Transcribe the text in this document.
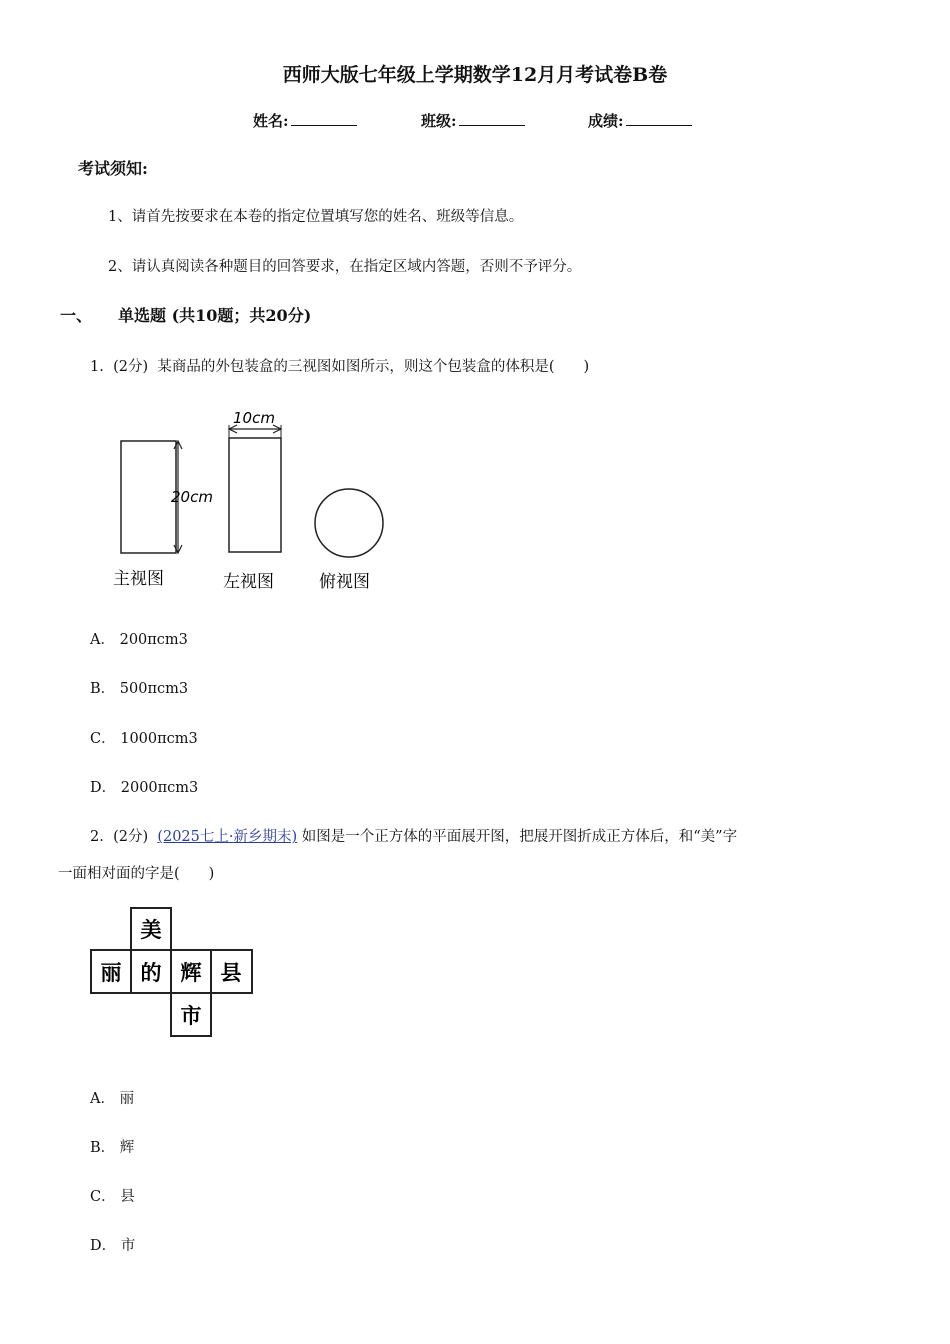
西师大版七年级上学期数学12月月考试卷B卷
姓名:	班级:	成绩:
考试须知:
1、请首先按要求在本卷的指定位置填写您的姓名、班级等信息。
2、请认真阅读各种题目的回答要求，在指定区域内答题，否则不予评分。
一、 单选题 (共10题；共20分)
1. (2分) 某商品的外包装盒的三视图如图所示，则这个包装盒的体积是(　　)
20cm
10cm
主视图	左视图	俯视图
A． 200πcm3
B． 500πcm3
C． 1000πcm3
D． 2000πcm3
2. (2分) (2025七上·新乡期末) 如图是一个正方体的平面展开图，把展开图折成正方体后，和“美”字
一面相对面的字是(　　)
美
丽 的 辉 县
市
A． 丽
B． 辉
C． 县
D． 市
